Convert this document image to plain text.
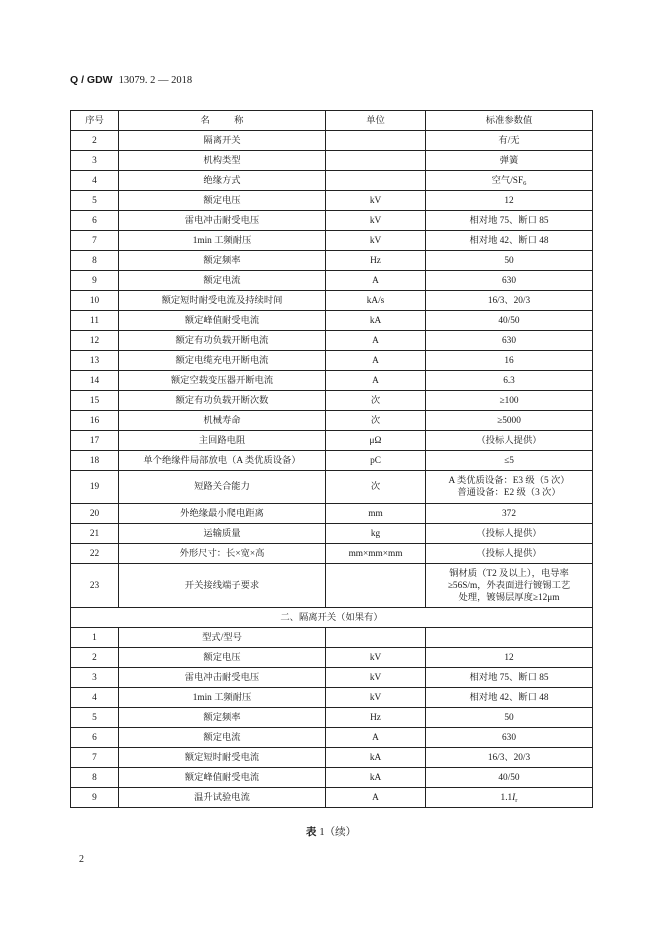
Q / GDW 13079. 2 — 2018
序号	名 称	单位	标准参数值
2	隔离开关		有/无
3	机构类型		弹簧
4	绝缘方式		空气$/SF_6$
5	额定电压	kV	12
6	雷电冲击耐受电压	kV	相对地 75、断口 85
7	1min 工频耐压	kV	相对地 42、断口 48
8	额定频率	Hz	50
9	额定电流	A	630
10	额定短时耐受电流及持续时间	kA/s	16/3、20/3
11	额定峰值耐受电流	kA	40/50
12	额定有功负载开断电流	A	630
13	额定电缆充电开断电流	A	16
14	额定空载变压器开断电流	A	6.3
15	额定有功负载开断次数	次	≥100
16	机械寿命	次	≥5000
17	主回路电阻	μΩ	（投标人提供）
18	单个绝缘件局部放电（A 类优质设备）	pC	≤5
19	短路关合能力	次	A 类优质设备：E3 级（5 次）
普通设备：E2 级（3 次）

20	外绝缘最小爬电距离	mm	372
21	运输质量	kg	（投标人提供）
22	外形尺寸：长×宽×高	mm×mm×mm	（投标人提供）
23	开关接线端子要求		铜材质（T2 及以上），电导率
≥56S/m，外表面进行镀锡工艺
处理，镀锡层厚度≥12μm

二、隔离开关（如果有）			
1	型式/型号		
2	额定电压	kV	12
3	雷电冲击耐受电压	kV	相对地 75、断口 85
4	1min 工频耐压	kV	相对地 42、断口 48
5	额定频率	Hz	50
6	额定电流	A	630
7	额定短时耐受电流	kA	16/3、20/3
8	额定峰值耐受电流	kA	40/50
9	温升试验电流	A	$1.1I_r$
表 1（续）
2
